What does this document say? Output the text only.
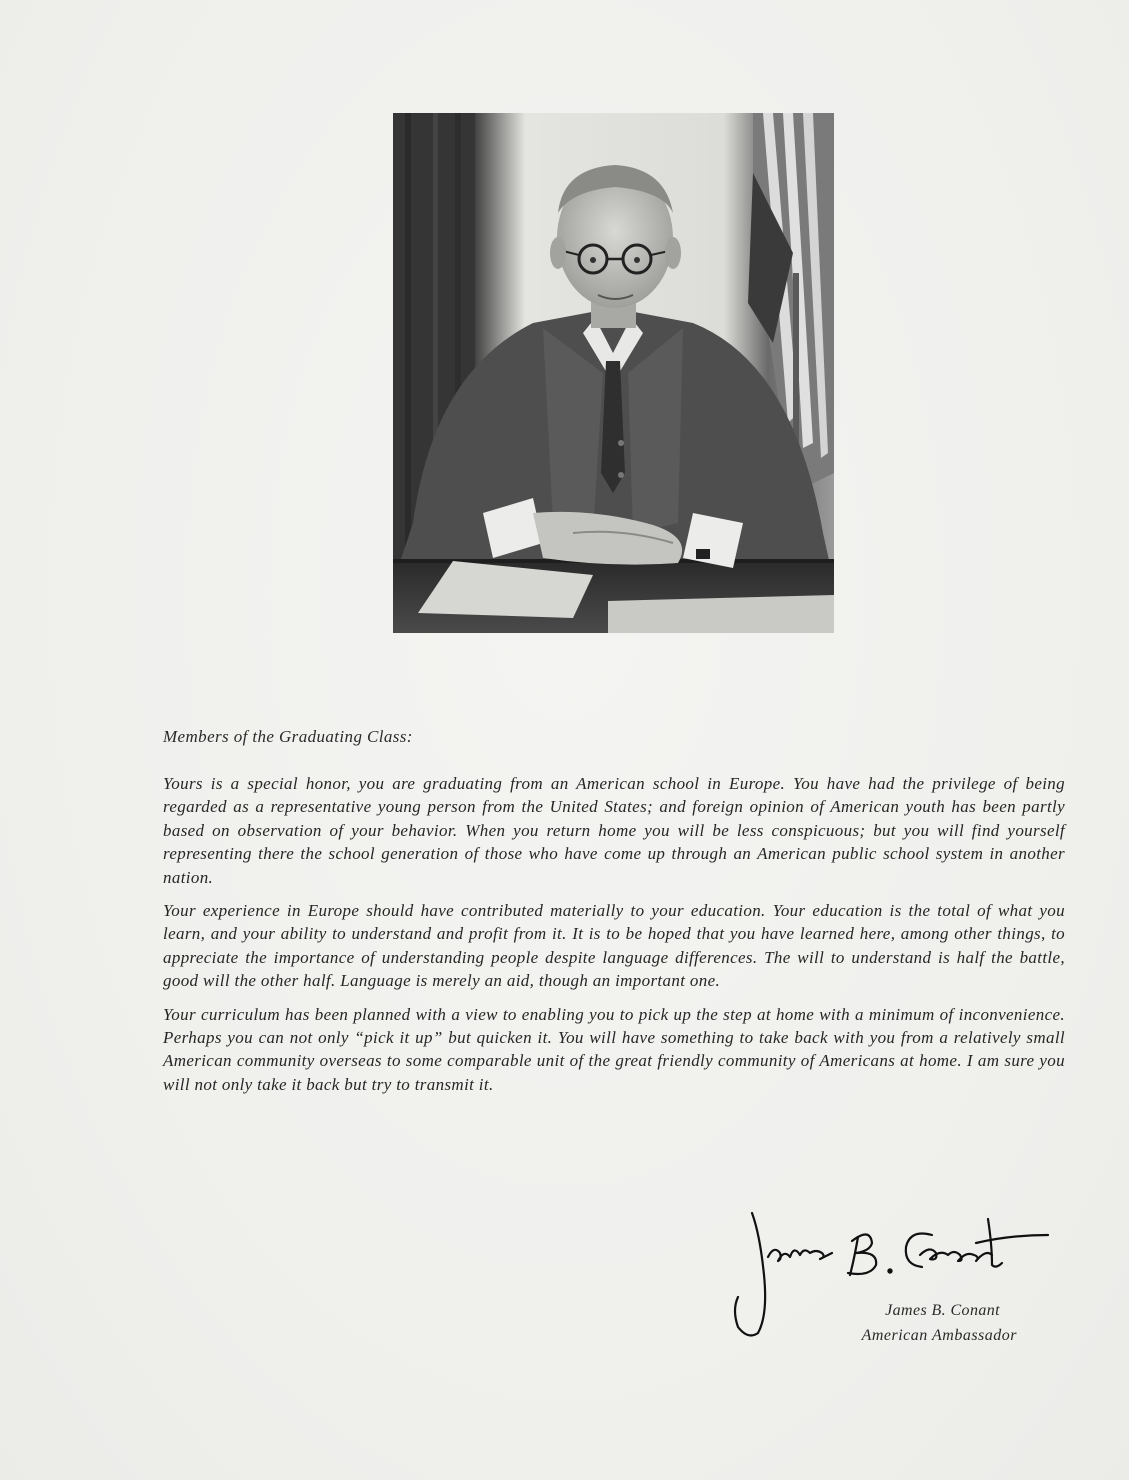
Members of the Graduating Class:

Yours is a special honor, you are graduating from an American school in Europe. You have had the privilege of being regarded as a representative young person from the United States; and foreign opinion of American youth has been partly based on observation of your behavior. When you return home you will be less conspicuous; but you will find yourself representing there the school generation of those who have come up through an American public school system in another nation.

Your experience in Europe should have contributed materially to your education. Your education is the total of what you learn, and your ability to understand and profit from it. It is to be hoped that you have learned here, among other things, to appreciate the importance of understanding people despite language differences. The will to understand is half the battle, good will the other half. Language is merely an aid, though an important one.

Your curriculum has been planned with a view to enabling you to pick up the step at home with a minimum of inconvenience. Perhaps you can not only “pick it up” but quicken it. You will have something to take back with you from a relatively small American community overseas to some comparable unit of the great friendly community of Americans at home. I am sure you will not only take it back but try to transmit it.

James B. Conant
American Ambassador
